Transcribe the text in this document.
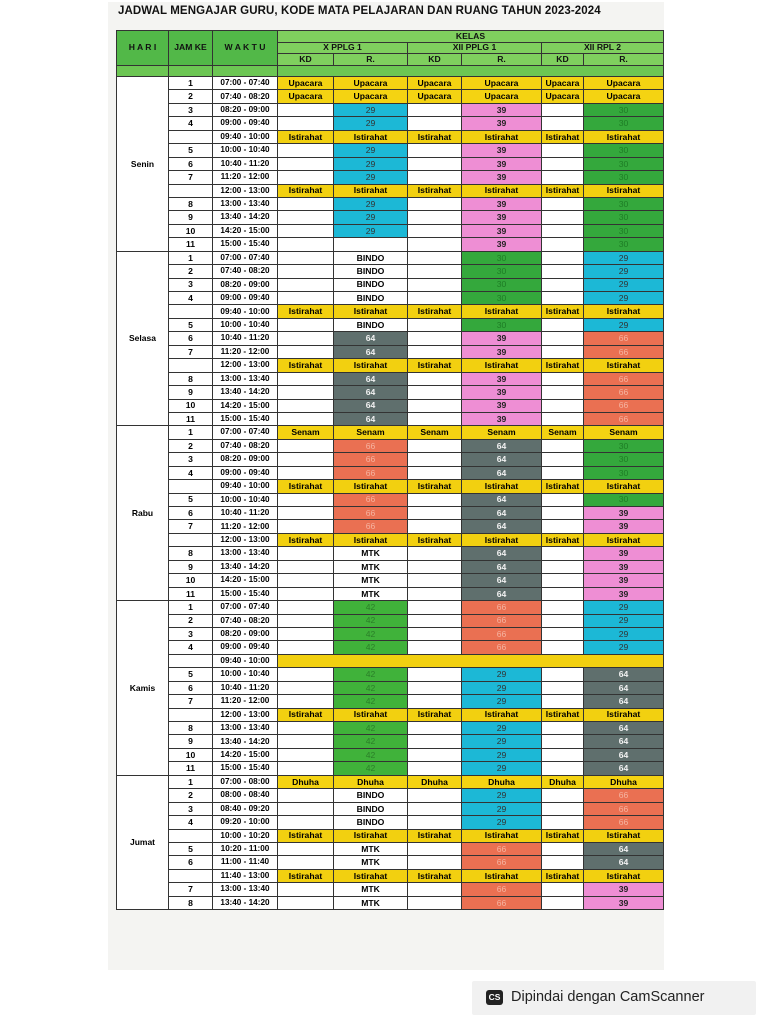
JADWAL MENGAJAR GURU, KODE MATA PELAJARAN DAN RUANG TAHUN 2023-2024
H A R I	JAM KE	W A K T U	KELAS					
			X PPLG 1		XII PPLG 1		XII RPL 2	
			KD	R.	KD	R.	KD	R.

Senin	1	07:00 - 07:40	Upacara	Upacara	Upacara	Upacara	Upacara	Upacara
	2	07:40 - 08:20	Upacara	Upacara	Upacara	Upacara	Upacara	Upacara
	3	08:20 - 09:00		29		39		30
	4	09:00 - 09:40		29		39		30
		09:40 - 10:00	Istirahat	Istirahat	Istirahat	Istirahat	Istirahat	Istirahat
	5	10:00 - 10:40		29		39		30
	6	10:40 - 11:20		29		39		30
	7	11:20 - 12:00		29		39		30
		12:00 - 13:00	Istirahat	Istirahat	Istirahat	Istirahat	Istirahat	Istirahat
	8	13:00 - 13:40		29		39		30
	9	13:40 - 14:20		29		39		30
	10	14:20 - 15:00		29		39		30
	11	15:00 - 15:40				39		30
Selasa	1	07:00 - 07:40		BINDO		30		29
	2	07:40 - 08:20		BINDO		30		29
	3	08:20 - 09:00		BINDO		30		29
	4	09:00 - 09:40		BINDO		30		29
		09:40 - 10:00	Istirahat	Istirahat	Istirahat	Istirahat	Istirahat	Istirahat
	5	10:00 - 10:40		BINDO		30		29
	6	10:40 - 11:20		64		39		66
	7	11:20 - 12:00		64		39		66
		12:00 - 13:00	Istirahat	Istirahat	Istirahat	Istirahat	Istirahat	Istirahat
	8	13:00 - 13:40		64		39		66
	9	13:40 - 14:20		64		39		66
	10	14:20 - 15:00		64		39		66
	11	15:00 - 15:40		64		39		66
Rabu	1	07:00 - 07:40	Senam	Senam	Senam	Senam	Senam	Senam
	2	07:40 - 08:20		66		64		30
	3	08:20 - 09:00		66		64		30
	4	09:00 - 09:40		66		64		30
		09:40 - 10:00	Istirahat	Istirahat	Istirahat	Istirahat	Istirahat	Istirahat
	5	10:00 - 10:40		66		64		30
	6	10:40 - 11:20		66		64		39
	7	11:20 - 12:00		66		64		39
		12:00 - 13:00	Istirahat	Istirahat	Istirahat	Istirahat	Istirahat	Istirahat
	8	13:00 - 13:40		MTK		64		39
	9	13:40 - 14:20		MTK		64		39
	10	14:20 - 15:00		MTK		64		39
	11	15:00 - 15:40		MTK		64		39
Kamis	1	07:00 - 07:40		42		66		29
	2	07:40 - 08:20		42		66		29
	3	08:20 - 09:00		42		66		29
	4	09:00 - 09:40		42		66		29
		09:40 - 10:00						
	5	10:00 - 10:40		42		29		64
	6	10:40 - 11:20		42		29		64
	7	11:20 - 12:00		42		29		64
		12:00 - 13:00	Istirahat	Istirahat	Istirahat	Istirahat	Istirahat	Istirahat
	8	13:00 - 13:40		42		29		64
	9	13:40 - 14:20		42		29		64
	10	14:20 - 15:00		42		29		64
	11	15:00 - 15:40		42		29		64
Jumat	1	07:00 - 08:00	Dhuha	Dhuha	Dhuha	Dhuha	Dhuha	Dhuha
	2	08:00 - 08:40		BINDO		29		66
	3	08:40 - 09:20		BINDO		29		66
	4	09:20 - 10:00		BINDO		29		66
		10:00 - 10:20	Istirahat	Istirahat	Istirahat	Istirahat	Istirahat	Istirahat
	5	10:20 - 11:00		MTK		66		64
	6	11:00 - 11:40		MTK		66		64
		11:40 - 13:00	Istirahat	Istirahat	Istirahat	Istirahat	Istirahat	Istirahat
	7	13:00 - 13:40		MTK		66		39
	8	13:40 - 14:20		MTK		66		39
CS Dipindai dengan CamScanner
